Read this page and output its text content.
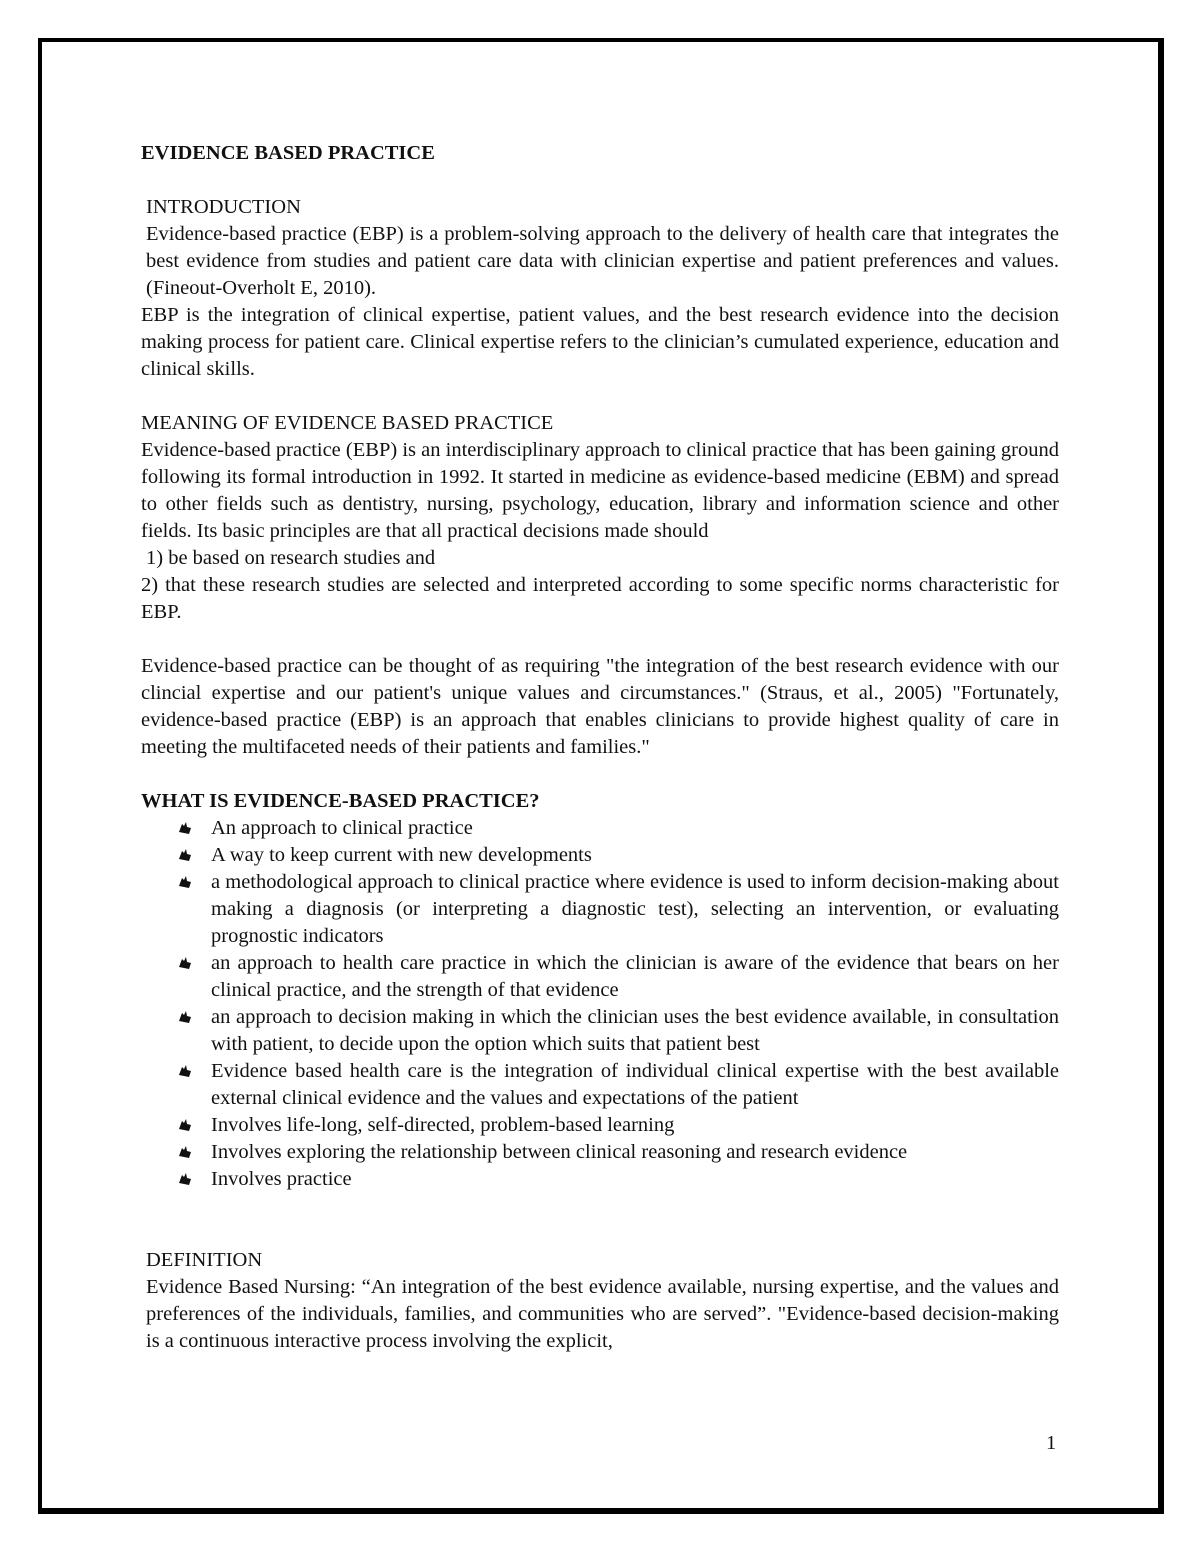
EVIDENCE BASED PRACTICE
INTRODUCTION

Evidence-based practice (EBP) is a problem-solving approach to the delivery of health care that integrates the best evidence from studies and patient care data with clinician expertise and patient preferences and values. (Fineout-Overholt E, 2010).

EBP is the integration of clinical expertise, patient values, and the best research evidence into the decision making process for patient care. Clinical expertise refers to the clinician’s cumulated experience, education and clinical skills.

MEANING OF EVIDENCE BASED PRACTICE

Evidence-based practice (EBP) is an interdisciplinary approach to clinical practice that has been gaining ground following its formal introduction in 1992. It started in medicine as evidence-based medicine (EBM) and spread to other fields such as dentistry, nursing, psychology, education, library and information science and other fields. Its basic principles are that all practical decisions made should

1) be based on research studies and

2) that these research studies are selected and interpreted according to some specific norms characteristic for EBP.

Evidence-based practice can be thought of as requiring "the integration of the best research evidence with our clincial expertise and our patient's unique values and circumstances." (Straus, et al., 2005) "Fortunately, evidence-based practice (EBP) is an approach that enables clinicians to provide highest quality of care in meeting the multifaceted needs of their patients and families."

WHAT IS EVIDENCE-BASED PRACTICE?
An approach to clinical practice
A way to keep current with new developments
a methodological approach to clinical practice where evidence is used to inform decision-making about making a diagnosis (or interpreting a diagnostic test), selecting an intervention, or evaluating prognostic indicators
an approach to health care practice in which the clinician is aware of the evidence that bears on her clinical practice, and the strength of that evidence
an approach to decision making in which the clinician uses the best evidence available, in consultation with patient, to decide upon the option which suits that patient best
Evidence based health care is the integration of individual clinical expertise with the best available external clinical evidence and the values and expectations of the patient
Involves life-long, self-directed, problem-based learning
Involves exploring the relationship between clinical reasoning and research evidence
Involves practice
DEFINITION

Evidence Based Nursing: “An integration of the best evidence available, nursing expertise, and the values and preferences of the individuals, families, and communities who are served”. "Evidence-based decision-making is a continuous interactive process involving the explicit,

1
